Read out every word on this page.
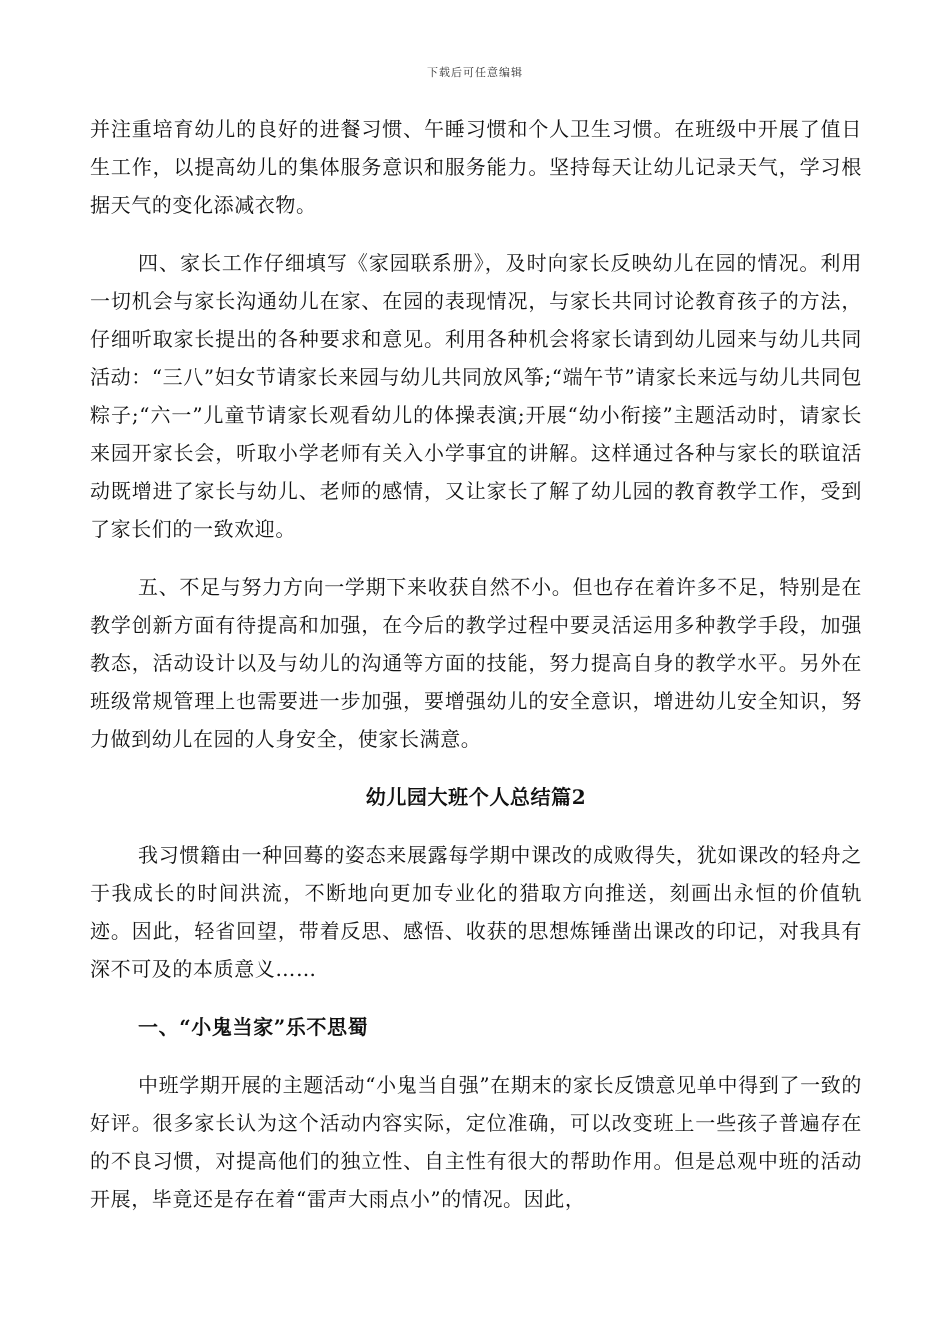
下载后可任意编辑

并注重培育幼儿的良好的进餐习惯、午睡习惯和个人卫生习惯。在班级中开展了值日生工作，以提高幼儿的集体服务意识和服务能力。坚持每天让幼儿记录天气，学习根据天气的变化添减衣物。

四、家长工作仔细填写《家园联系册》，及时向家长反映幼儿在园的情况。利用一切机会与家长沟通幼儿在家、在园的表现情况，与家长共同讨论教育孩子的方法，仔细听取家长提出的各种要求和意见。利用各种机会将家长请到幼儿园来与幼儿共同活动：“三八”妇女节请家长来园与幼儿共同放风筝;“端午节”请家长来远与幼儿共同包粽子;“六一”儿童节请家长观看幼儿的体操表演;开展“幼小衔接”主题活动时，请家长来园开家长会，听取小学老师有关入小学事宜的讲解。这样通过各种与家长的联谊活动既增进了家长与幼儿、老师的感情，又让家长了解了幼儿园的教育教学工作，受到了家长们的一致欢迎。

五、不足与努力方向一学期下来收获自然不小。但也存在着许多不足，特别是在教学创新方面有待提高和加强，在今后的教学过程中要灵活运用多种教学手段，加强教态，活动设计以及与幼儿的沟通等方面的技能，努力提高自身的教学水平。另外在班级常规管理上也需要进一步加强，要增强幼儿的安全意识，增进幼儿安全知识，努力做到幼儿在园的人身安全，使家长满意。

幼儿园大班个人总结篇2

我习惯籍由一种回蓦的姿态来展露每学期中课改的成败得失，犹如课改的轻舟之于我成长的时间洪流，不断地向更加专业化的猎取方向推送，刻画出永恒的价值轨迹。因此，轻省回望，带着反思、感悟、收获的思想炼锤凿出课改的印记，对我具有深不可及的本质意义……

一、“小鬼当家”乐不思蜀

中班学期开展的主题活动“小鬼当自强”在期末的家长反馈意见单中得到了一致的好评。很多家长认为这个活动内容实际，定位准确，可以改变班上一些孩子普遍存在的不良习惯，对提高他们的独立性、自主性有很大的帮助作用。但是总观中班的活动开展，毕竟还是存在着“雷声大雨点小”的情况。因此，
